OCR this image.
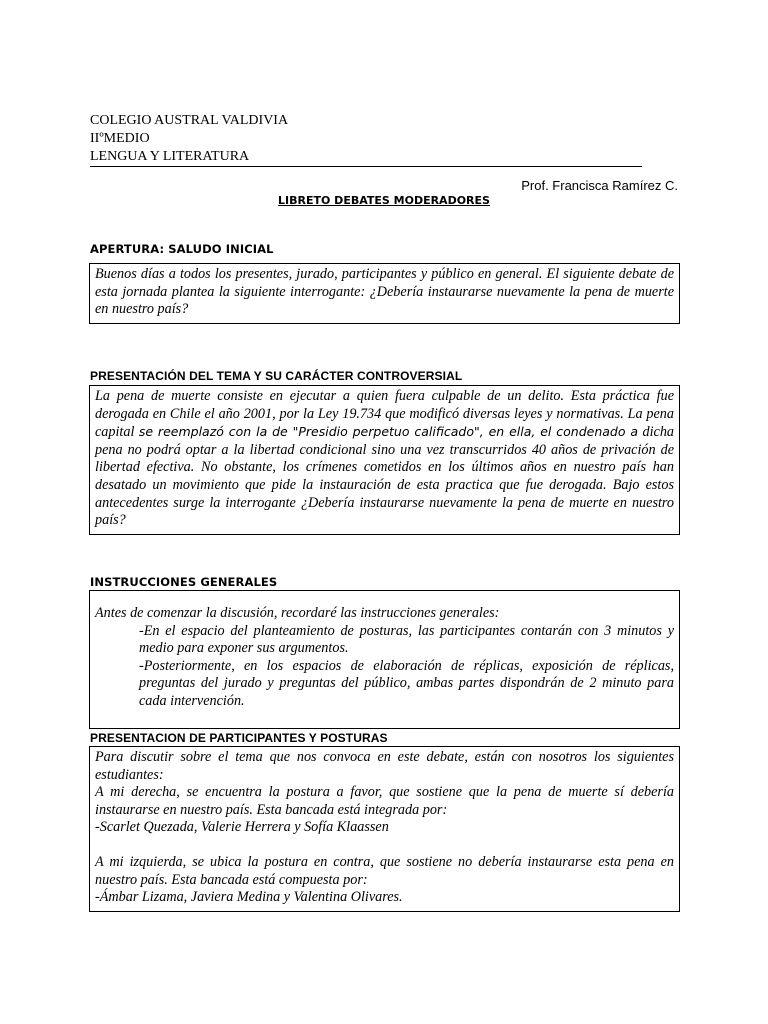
COLEGIO AUSTRAL VALDIVIA
IIºMEDIO
LENGUA Y LITERATURA
Prof. Francisca Ramírez C.
LIBRETO DEBATES MODERADORES
APERTURA: SALUDO INICIAL

Buenos días a todos los presentes, jurado, participantes y público en general. El siguiente debate de esta jornada plantea la siguiente interrogante: ¿Debería instaurarse nuevamente la pena de muerte en nuestro país?

PRESENTACIÓN DEL TEMA Y SU CARÁCTER CONTROVERSIAL

La pena de muerte consiste en ejecutar a quien fuera culpable de un delito. Esta práctica fue derogada en Chile el año 2001, por la Ley 19.734 que modificó diversas leyes y normativas. La pena capital se reemplazó con la de "Presidio perpetuo calificado", en ella, el condenado a dicha pena no podrá optar a la libertad condicional sino una vez transcurridos 40 años de privación de libertad efectiva. No obstante, los crímenes cometidos en los últimos años en nuestro país han desatado un movimiento que pide la instauración de esta practica que fue derogada. Bajo estos antecedentes surge la interrogante ¿Debería instaurarse nuevamente la pena de muerte en nuestro país?

INSTRUCCIONES GENERALES

Antes de comenzar la discusión, recordaré las instrucciones generales:

-En el espacio del planteamiento de posturas, las participantes contarán con 3 minutos y medio para exponer sus argumentos.

-Posteriormente, en los espacios de elaboración de réplicas, exposición de réplicas, preguntas del jurado y preguntas del público, ambas partes dispondrán de 2 minuto para cada intervención.

PRESENTACION DE PARTICIPANTES Y POSTURAS

Para discutir sobre el tema que nos convoca en este debate, están con nosotros los siguientes estudiantes:

A mi derecha, se encuentra la postura a favor, que sostiene que la pena de muerte sí debería instaurarse en nuestro país. Esta bancada está integrada por:

-Scarlet Quezada, Valerie Herrera y Sofía Klaassen

A mi izquierda, se ubica la postura en contra, que sostiene no debería instaurarse esta pena en nuestro país. Esta bancada está compuesta por:

-Ámbar Lizama, Javiera Medina y Valentina Olivares.
